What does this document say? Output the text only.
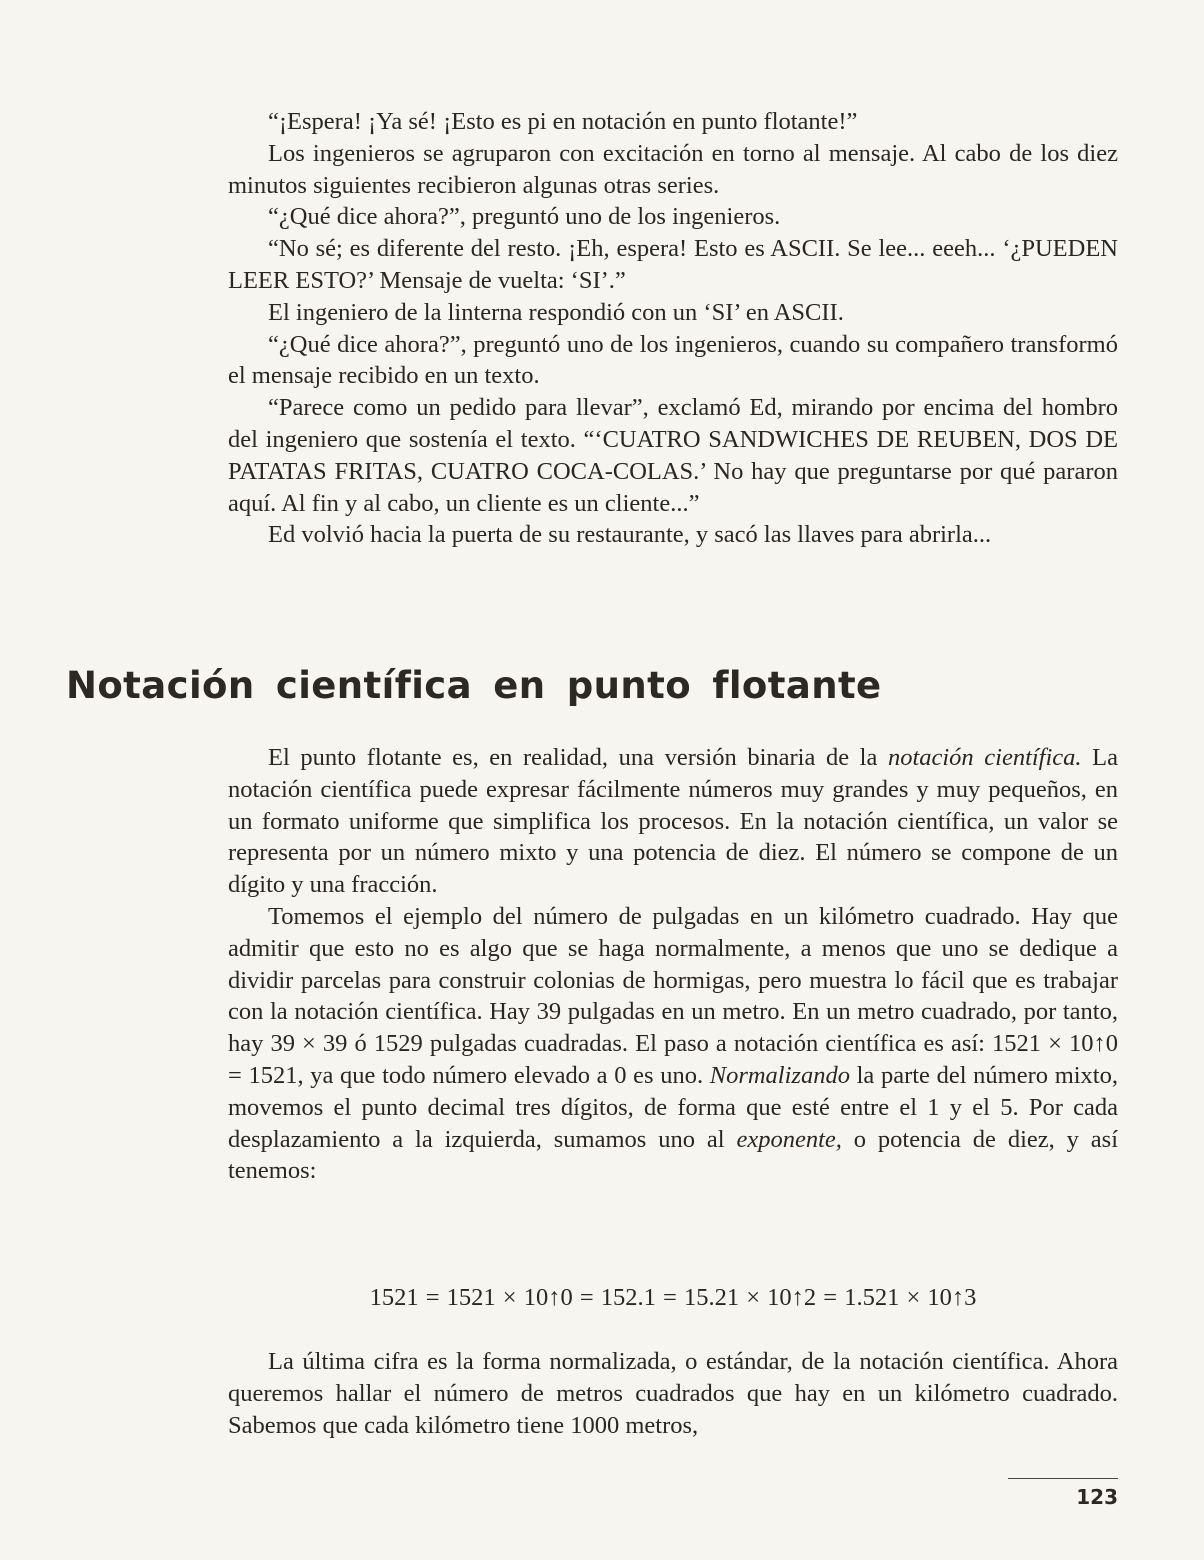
“¡Espera! ¡Ya sé! ¡Esto es pi en notación en punto flotante!”

Los ingenieros se agruparon con excitación en torno al mensaje. Al cabo de los diez minutos siguientes recibieron algunas otras series.

“¿Qué dice ahora?”, preguntó uno de los ingenieros.

“No sé; es diferente del resto. ¡Eh, espera! Esto es ASCII. Se lee... eeeh... ‘¿PUEDEN LEER ESTO?’ Mensaje de vuelta: ‘SI’.”

El ingeniero de la linterna respondió con un ‘SI’ en ASCII.

“¿Qué dice ahora?”, preguntó uno de los ingenieros, cuando su compañero transformó el mensaje recibido en un texto.

“Parece como un pedido para llevar”, exclamó Ed, mirando por encima del hombro del ingeniero que sostenía el texto. “‘CUATRO SANDWICHES DE REUBEN, DOS DE PATATAS FRITAS, CUATRO COCA-COLAS.’ No hay que preguntarse por qué pararon aquí. Al fin y al cabo, un cliente es un cliente...”

Ed volvió hacia la puerta de su restaurante, y sacó las llaves para abrirla...

Notación científica en punto flotante

El punto flotante es, en realidad, una versión binaria de la notación científica. La notación científica puede expresar fácilmente números muy grandes y muy pequeños, en un formato uniforme que simplifica los procesos. En la notación científica, un valor se representa por un número mixto y una potencia de diez. El número se compone de un dígito y una fracción.

Tomemos el ejemplo del número de pulgadas en un kilómetro cuadrado. Hay que admitir que esto no es algo que se haga normalmente, a menos que uno se dedique a dividir parcelas para construir colonias de hormigas, pero muestra lo fácil que es trabajar con la notación científica. Hay 39 pulgadas en un metro. En un metro cuadrado, por tanto, hay 39 × 39 ó 1529 pulgadas cuadradas. El paso a notación científica es así: 1521 × 10↑0 = 1521, ya que todo número elevado a 0 es uno. Normalizando la parte del número mixto, movemos el punto decimal tres dígitos, de forma que esté entre el 1 y el 5. Por cada desplazamiento a la izquierda, sumamos uno al exponente, o potencia de diez, y así tenemos:

1521 = 1521 × 10↑0 = 152.1 = 15.21 × 10↑2 = 1.521 × 10↑3

La última cifra es la forma normalizada, o estándar, de la notación científica. Ahora queremos hallar el número de metros cuadrados que hay en un kilómetro cuadrado. Sabemos que cada kilómetro tiene 1000 metros,

123
